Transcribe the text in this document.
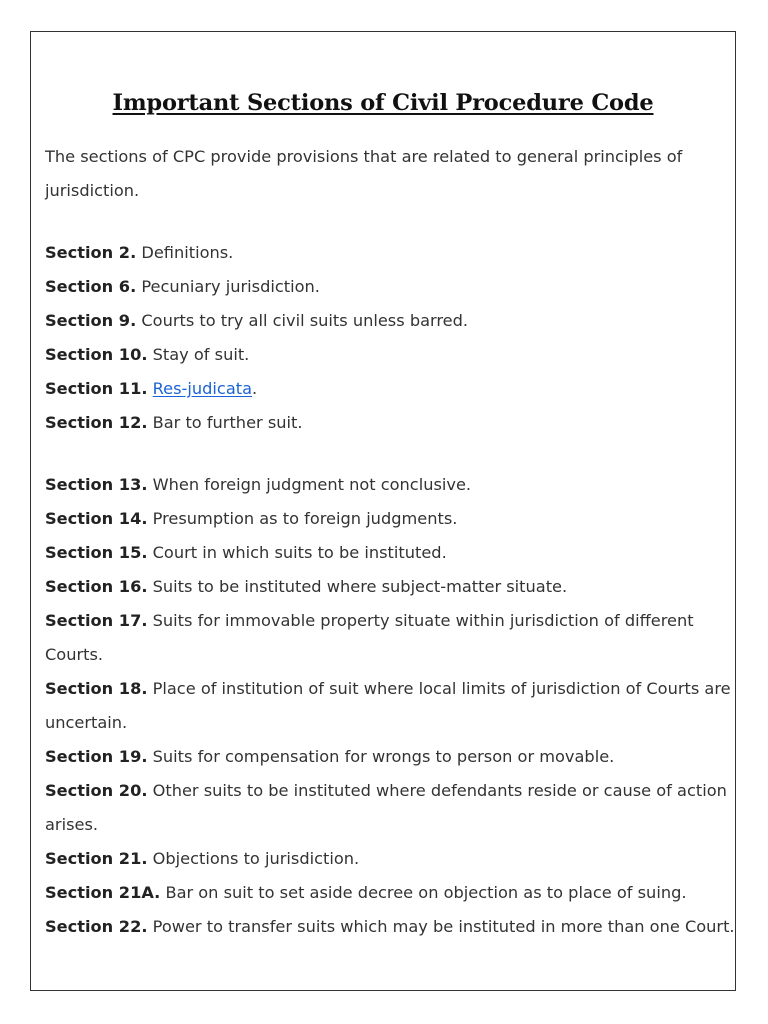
Important Sections of Civil Procedure Code

The sections of CPC provide provisions that are related to general principles of jurisdiction.

Section 2. Definitions.

Section 6. Pecuniary jurisdiction.

Section 9. Courts to try all civil suits unless barred.

Section 10. Stay of suit.

Section 11. Res-judicata.

Section 12. Bar to further suit.

Section 13. When foreign judgment not conclusive.

Section 14. Presumption as to foreign judgments.

Section 15. Court in which suits to be instituted.

Section 16. Suits to be instituted where subject-matter situate.

Section 17. Suits for immovable property situate within jurisdiction of different Courts.

Section 18. Place of institution of suit where local limits of jurisdiction of Courts are uncertain.

Section 19. Suits for compensation for wrongs to person or movable.

Section 20. Other suits to be instituted where defendants reside or cause of action arises.

Section 21. Objections to jurisdiction.

Section 21A. Bar on suit to set aside decree on objection as to place of suing.

Section 22. Power to transfer suits which may be instituted in more than one Court.
